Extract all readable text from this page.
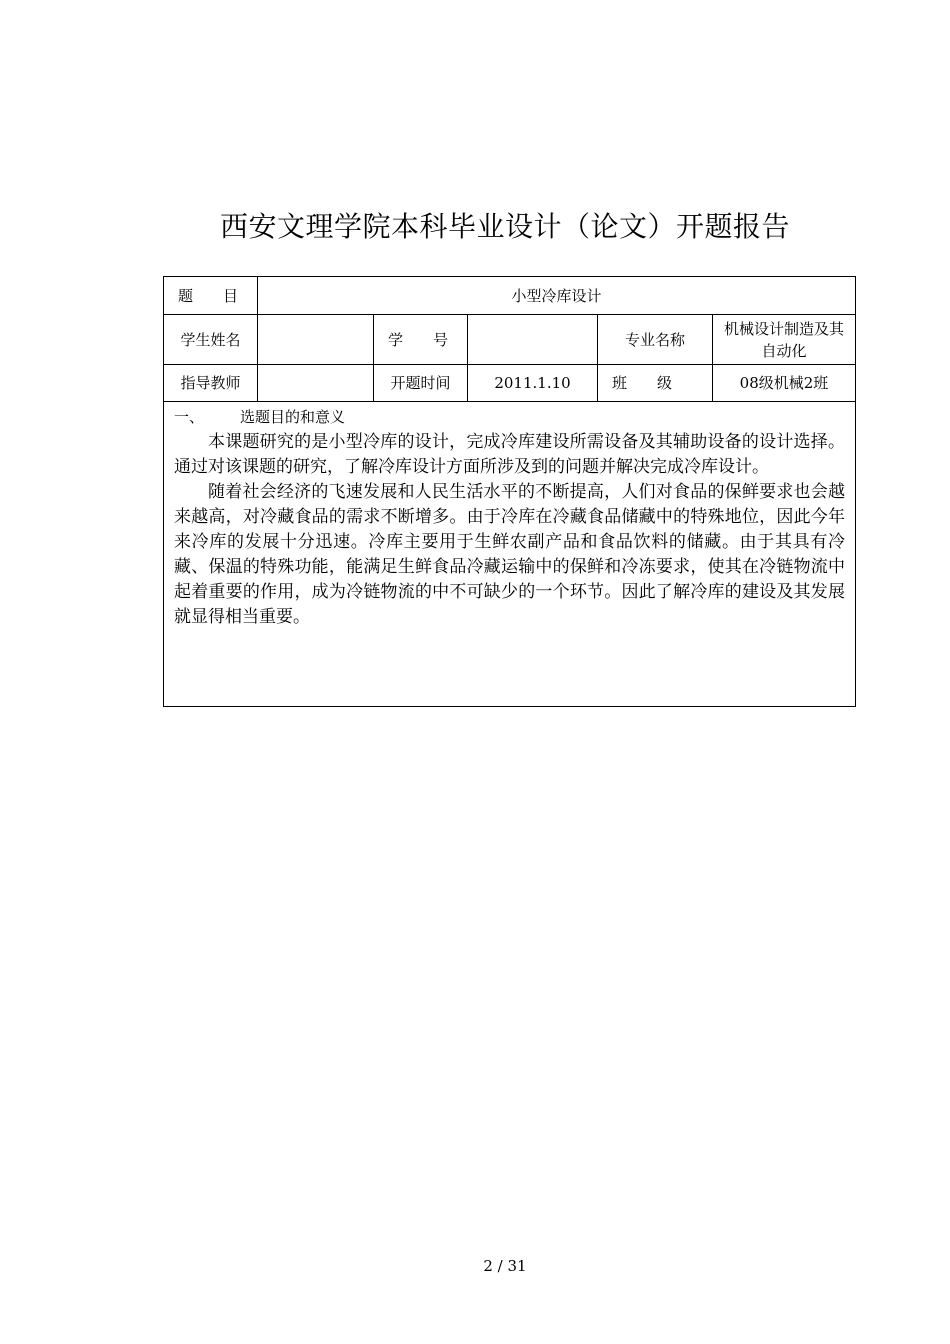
西安文理学院本科毕业设计（论文）开题报告
题　　目	小型冷库设计				
学生姓名		学　　号		专业名称	机械设计制造及其自动化
指导教师		开题时间	2011.1.10	班　　级	08级机械2班

一、 选题目的和意义

本课题研究的是小型冷库的设计，完成冷库建设所需设备及其辅助设备的设计选择。通过对该课题的研究，了解冷库设计方面所涉及到的问题并解决完成冷库设计。

随着社会经济的飞速发展和人民生活水平的不断提高，人们对食品的保鲜要求也会越来越高，对冷藏食品的需求不断增多。由于冷库在冷藏食品储藏中的特殊地位，因此今年来冷库的发展十分迅速。冷库主要用于生鲜农副产品和食品饮料的储藏。由于其具有冷藏、保温的特殊功能，能满足生鲜食品冷藏运输中的保鲜和冷冻要求，使其在冷链物流中起着重要的作用，成为冷链物流的中不可缺少的一个环节。因此了解冷库的建设及其发展就显得相当重要。					

2 / 31
